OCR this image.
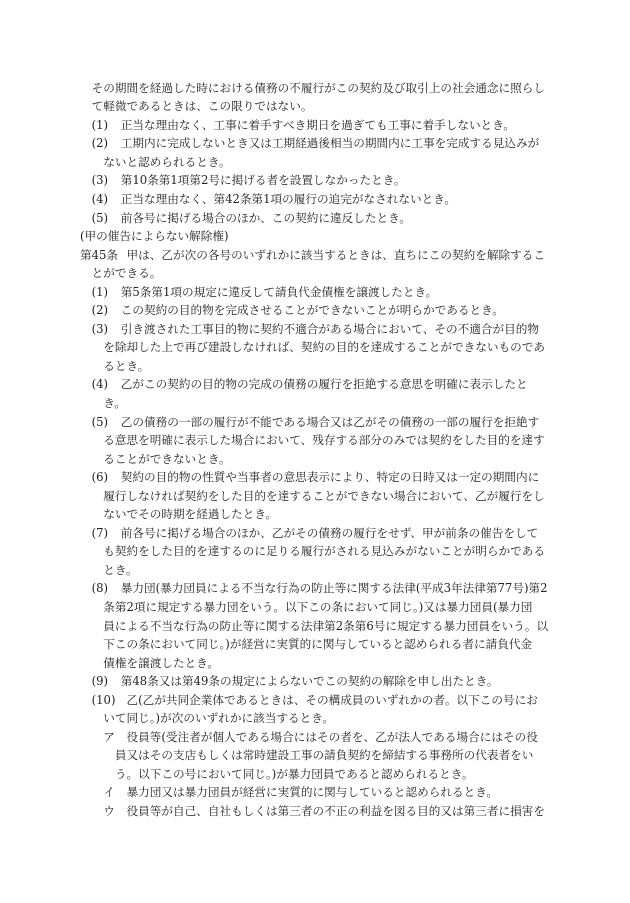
その期間を経過した時における債務の不履行がこの契約及び取引上の社会通念に照らし
て軽微であるときは、この限りではない。
(1) 正当な理由なく、工事に着手すべき期日を過ぎても工事に着手しないとき。
(2) 工期内に完成しないとき又は工期経過後相当の期間内に工事を完成する見込みが
ないと認められるとき。
(3) 第10条第1項第2号に掲げる者を設置しなかったとき。
(4) 正当な理由なく、第42条第1項の履行の追完がなされないとき。
(5) 前各号に掲げる場合のほか、この契約に違反したとき。
(甲の催告によらない解除権)
第45条 甲は、乙が次の各号のいずれかに該当するときは、直ちにこの契約を解除するこ
とができる。
(1) 第5条第1項の規定に違反して請負代金債権を譲渡したとき。
(2) この契約の目的物を完成させることができないことが明らかであるとき。
(3) 引き渡された工事目的物に契約不適合がある場合において、その不適合が目的物
を除却した上で再び建設しなければ、契約の目的を達成することができないものであ
るとき。
(4) 乙がこの契約の目的物の完成の債務の履行を拒絶する意思を明確に表示したと
き。
(5) 乙の債務の一部の履行が不能である場合又は乙がその債務の一部の履行を拒絶す
る意思を明確に表示した場合において、残存する部分のみでは契約をした目的を達す
ることができないとき。
(6) 契約の目的物の性質や当事者の意思表示により、特定の日時又は一定の期間内に
履行しなければ契約をした目的を達することができない場合において、乙が履行をし
ないでその時期を経過したとき。
(7) 前各号に掲げる場合のほか、乙がその債務の履行をせず、甲が前条の催告をして
も契約をした目的を達するのに足りる履行がされる見込みがないことが明らかである
とき。
(8) 暴力団(暴力団員による不当な行為の防止等に関する法律(平成3年法律第77号)第2
条第2項に規定する暴力団をいう。以下この条において同じ。)又は暴力団員(暴力団
員による不当な行為の防止等に関する法律第2条第6号に規定する暴力団員をいう。以
下この条において同じ。)が経営に実質的に関与していると認められる者に請負代金
債権を譲渡したとき。
(9) 第48条又は第49条の規定によらないでこの契約の解除を申し出たとき。
(10) 乙(乙が共同企業体であるときは、その構成員のいずれかの者。以下この号にお
いて同じ。)が次のいずれかに該当するとき。
ア 役員等(受注者が個人である場合にはその者を、乙が法人である場合にはその役
員又はその支店もしくは常時建設工事の請負契約を締結する事務所の代表者をい
う。以下この号において同じ。)が暴力団員であると認められるとき。
イ 暴力団又は暴力団員が経営に実質的に関与していると認められるとき。
ウ 役員等が自己、自社もしくは第三者の不正の利益を図る目的又は第三者に損害を
